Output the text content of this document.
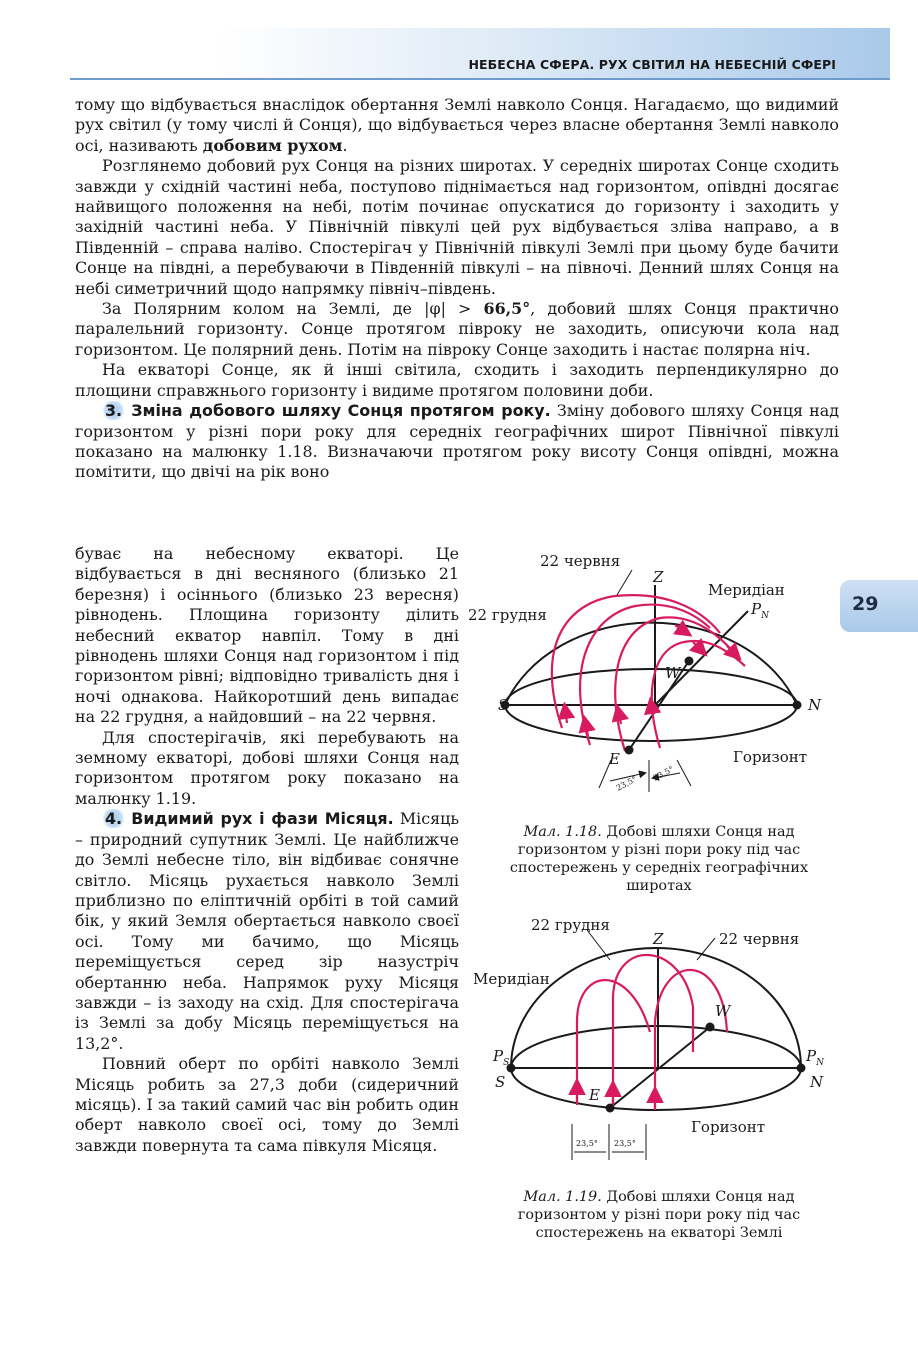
НЕБЕСНА СФЕРА. РУХ СВІТИЛ НА НЕБЕСНІЙ СФЕРІ
29

тому що відбувається внаслідок обертання Землі навколо Сонця. Нагадаємо, що видимий рух світил (у тому числі й Сонця), що відбувається через власне обертання Землі навколо осі, називають добовим рухом.

Розглянемо добовий рух Сонця на різних широтах. У середніх широтах Сонце сходить завжди у східній частині неба, поступово піднімається над горизонтом, опівдні досягає найвищого положення на небі, потім починає опускатися до горизонту і заходить у західній частині неба. У Північній півкулі цей рух відбувається зліва направо, а в Південній – справа наліво. Спостерігач у Північній півкулі Землі при цьому буде бачити Сонце на півдні, а перебуваючи в Південній півкулі – на півночі. Денний шлях Сонця на небі симетричний щодо напрямку північ–південь.

За Полярним колом на Землі, де |φ| > 66,5°, добовий шлях Сонця практично паралельний горизонту. Сонце протягом півроку не заходить, описуючи кола над горизонтом. Це полярний день. Потім на півроку Сонце заходить і настає полярна ніч.

На екваторі Сонце, як й інші світила, сходить і заходить перпендикулярно до площини справжнього горизонту і видиме протягом половини доби.

3. Зміна добового шляху Сонця протягом року. Зміну добового шляху Сонця над горизонтом у різні пори року для середніх географічних широт Північної півкулі показано на малюнку 1.18. Визначаючи протягом року висоту Сонця опівдні, можна помітити, що двічі на рік воно

буває на небесному екваторі. Це відбувається в дні весняного (близько 21 березня) і осіннього (близько 23 вересня) рівнодень. Площина горизонту ділить небесний екватор навпіл. Тому в дні рівнодень шляхи Сонця над горизонтом і під горизонтом рівні; відповідно тривалість дня і ночі однакова. Найкоротший день випадає на 22 грудня, а найдовший – на 22 червня.

Для спостерігачів, які перебувають на земному екваторі, добові шляхи Сонця над горизонтом протягом року показано на малюнку 1.19.

4. Видимий рух і фази Місяця. Місяць – природний супутник Землі. Це найближче до Землі небесне тіло, він відбиває сонячне світло. Місяць рухається навколо Землі приблизно по еліптичній орбіті в той самий бік, у який Земля обертається навколо своєї осі. Тому ми бачимо, що Місяць переміщується серед зір назустріч обертанню неба. Напрямок руху Місяця завжди – із заходу на схід. Для спостерігача із Землі за добу Місяць переміщується на 13,2°.

Повний оберт по орбіті навколо Землі Місяць робить за 27,3 доби (сидеричний місяць). І за такий самий час він робить один оберт навколо своєї осі, тому до Землі завжди повернута та сама півкуля Місяця.

22 червня
22 грудня
Z
Меридіан
$P_N$
W
S	N
E	Горизонт
23,5°
23,5°
Мал. 1.18. Добові шляхи Сонця над горизонтом у різні пори року під час спостережень у середніх географічних широтах
22 грудня
Z	22 червня
Меридіан
W
$P_S$	$P_N$
S	N
E
Горизонт
23,5° 23,5°
Мал. 1.19. Добові шляхи Сонця над горизонтом у різні пори року під час спостережень на екваторі Землі
